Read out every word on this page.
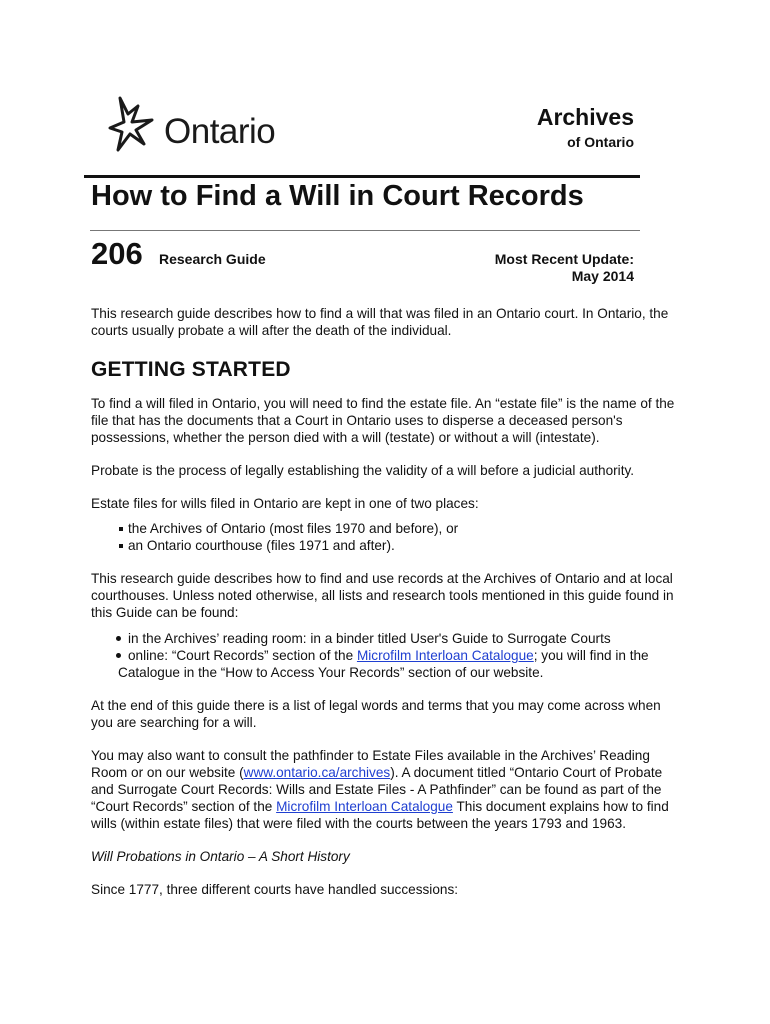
Ontario	Archives
of Ontario
How to Find a Will in Court Records
206 Research Guide	Most Recent Update:
May 2014

This research guide describes how to find a will that was filed in an Ontario court. In Ontario, the courts usually probate a will after the death of the individual.

GETTING STARTED

To find a will filed in Ontario, you will need to find the estate file. An “estate file” is the name of the file that has the documents that a Court in Ontario uses to disperse a deceased person's possessions, whether the person died with a will (testate) or without a will (intestate).

Probate is the process of legally establishing the validity of a will before a judicial authority.

Estate files for wills filed in Ontario are kept in one of two places:

the Archives of Ontario (most files 1970 and before), or
an Ontario courthouse (files 1971 and after).

This research guide describes how to find and use records at the Archives of Ontario and at local courthouses. Unless noted otherwise, all lists and research tools mentioned in this guide found in this Guide can be found:

in the Archives’ reading room: in a binder titled User's Guide to Surrogate Courts
online: “Court Records” section of the Microfilm Interloan Catalogue; you will find in the
Catalogue in the “How to Access Your Records” section of our website.

At the end of this guide there is a list of legal words and terms that you may come across when you are searching for a will.

You may also want to consult the pathfinder to Estate Files available in the Archives’ Reading Room or on our website (www.ontario.ca/archives). A document titled “Ontario Court of Probate and Surrogate Court Records: Wills and Estate Files - A Pathfinder” can be found as part of the “Court Records” section of the Microfilm Interloan Catalogue This document explains how to find wills (within estate files) that were filed with the courts between the years 1793 and 1963.

Will Probations in Ontario – A Short History

Since 1777, three different courts have handled successions:
